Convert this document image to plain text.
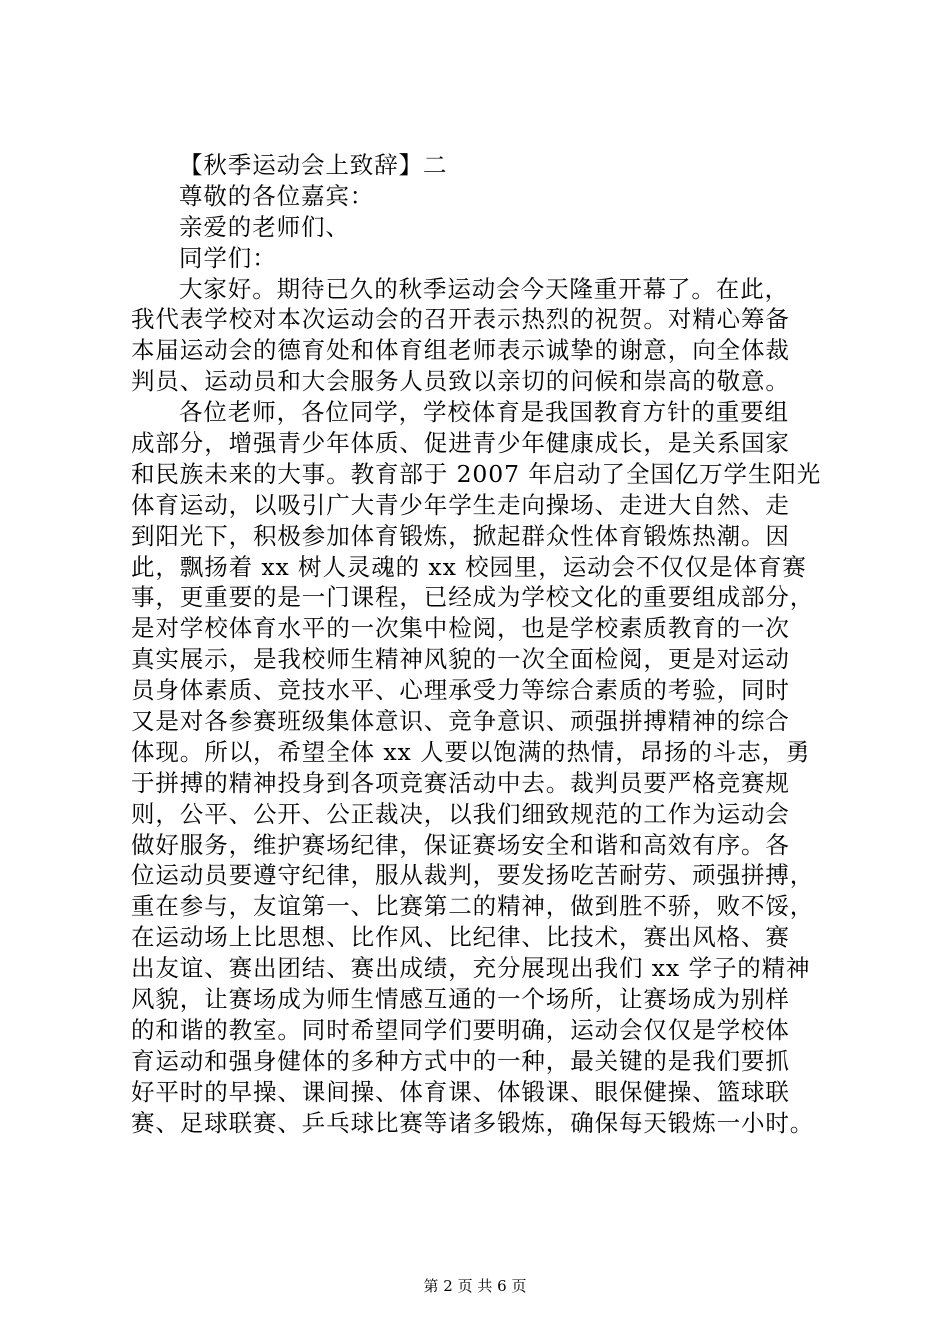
【秋季运动会上致辞】二
尊敬的各位嘉宾：
亲爱的老师们、
同学们：
大家好。期待已久的秋季运动会今天隆重开幕了。在此，
我代表学校对本次运动会的召开表示热烈的祝贺。对精心筹备
本届运动会的德育处和体育组老师表示诚挚的谢意，向全体裁
判员、运动员和大会服务人员致以亲切的问候和崇高的敬意。
各位老师，各位同学，学校体育是我国教育方针的重要组
成部分，增强青少年体质、促进青少年健康成长，是关系国家
和民族未来的大事。教育部于 2007 年启动了全国亿万学生阳光
体育运动，以吸引广大青少年学生走向操场、走进大自然、走
到阳光下，积极参加体育锻炼，掀起群众性体育锻炼热潮。因
此，飘扬着 xx 树人灵魂的 xx 校园里，运动会不仅仅是体育赛
事，更重要的是一门课程，已经成为学校文化的重要组成部分，
是对学校体育水平的一次集中检阅，也是学校素质教育的一次
真实展示，是我校师生精神风貌的一次全面检阅，更是对运动
员身体素质、竞技水平、心理承受力等综合素质的考验，同时
又是对各参赛班级集体意识、竞争意识、顽强拼搏精神的综合
体现。所以，希望全体 xx 人要以饱满的热情，昂扬的斗志，勇
于拼搏的精神投身到各项竞赛活动中去。裁判员要严格竞赛规
则，公平、公开、公正裁决，以我们细致规范的工作为运动会
做好服务，维护赛场纪律，保证赛场安全和谐和高效有序。各
位运动员要遵守纪律，服从裁判，要发扬吃苦耐劳、顽强拼搏，
重在参与，友谊第一、比赛第二的精神，做到胜不骄，败不馁，
在运动场上比思想、比作风、比纪律、比技术，赛出风格、赛
出友谊、赛出团结、赛出成绩，充分展现出我们 xx 学子的精神
风貌，让赛场成为师生情感互通的一个场所，让赛场成为别样
的和谐的教室。同时希望同学们要明确，运动会仅仅是学校体
育运动和强身健体的多种方式中的一种，最关键的是我们要抓
好平时的早操、课间操、体育课、体锻课、眼保健操、篮球联
赛、足球联赛、乒乓球比赛等诸多锻炼，确保每天锻炼一小时。
第 2 页 共 6 页
